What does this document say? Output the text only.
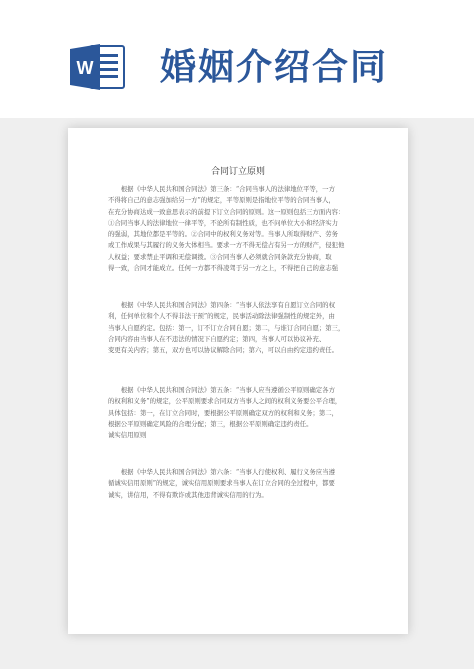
W 婚姻介绍合同
合同订立原则

根据《中华人民共和国合同法》第三条：“合同当事人的法律地位平等，一方
不得将自己的意志强加给另一方”的规定，平等原则是指地位平等的合同当事人，
在充分协商达成一致意思表示的前提下订立合同的原则。这一原则包括三方面内容：
①合同当事人的法律地位一律平等，不论所有制性质，也不问单位大小和经济实力
的强弱，其地位都是平等的。②合同中的权利义务对等。当事人所取得财产、劳务
或工作成果与其履行的义务大体相当。要求一方不得无偿占有另一方的财产，侵犯他
人权益；要求禁止平调和无偿调拨。③合同当事人必须就合同条款充分协商，取
得一致，合同才能成立。任何一方都不得凌驾于另一方之上，不得把自己的意志强

根据《中华人民共和国合同法》第四条：“当事人依法享有自愿订立合同的权
利，任何单位和个人不得非法干预”的规定，民事活动除法律强制性的规定外，由
当事人自愿约定。包括：第一，订不订立合同自愿；第二，与谁订合同自愿；第三，
合同内容由当事人在不违法的情况下自愿约定；第四，当事人可以协议补充、
变更有关内容；第五，双方也可以协议解除合同；第六，可以自由约定违约责任。

根据《中华人民共和国合同法》第五条：“当事人应当遵循公平原则确定各方
的权利和义务”的规定，公平原则要求合同双方当事人之间的权利义务要公平合理，
具体包括：第一，在订立合同时，要根据公平原则确定双方的权利和义务；第二，
根据公平原则确定风险的合理分配；第三，根据公平原则确定违约责任。
诚实信用原则

根据《中华人民共和国合同法》第六条：“当事人行使权利、履行义务应当遵
循诚实信用原则”的规定，诚实信用原则要求当事人在订立合同的全过程中，都要
诚实，讲信用，不得有欺诈或其他违背诚实信用的行为。
